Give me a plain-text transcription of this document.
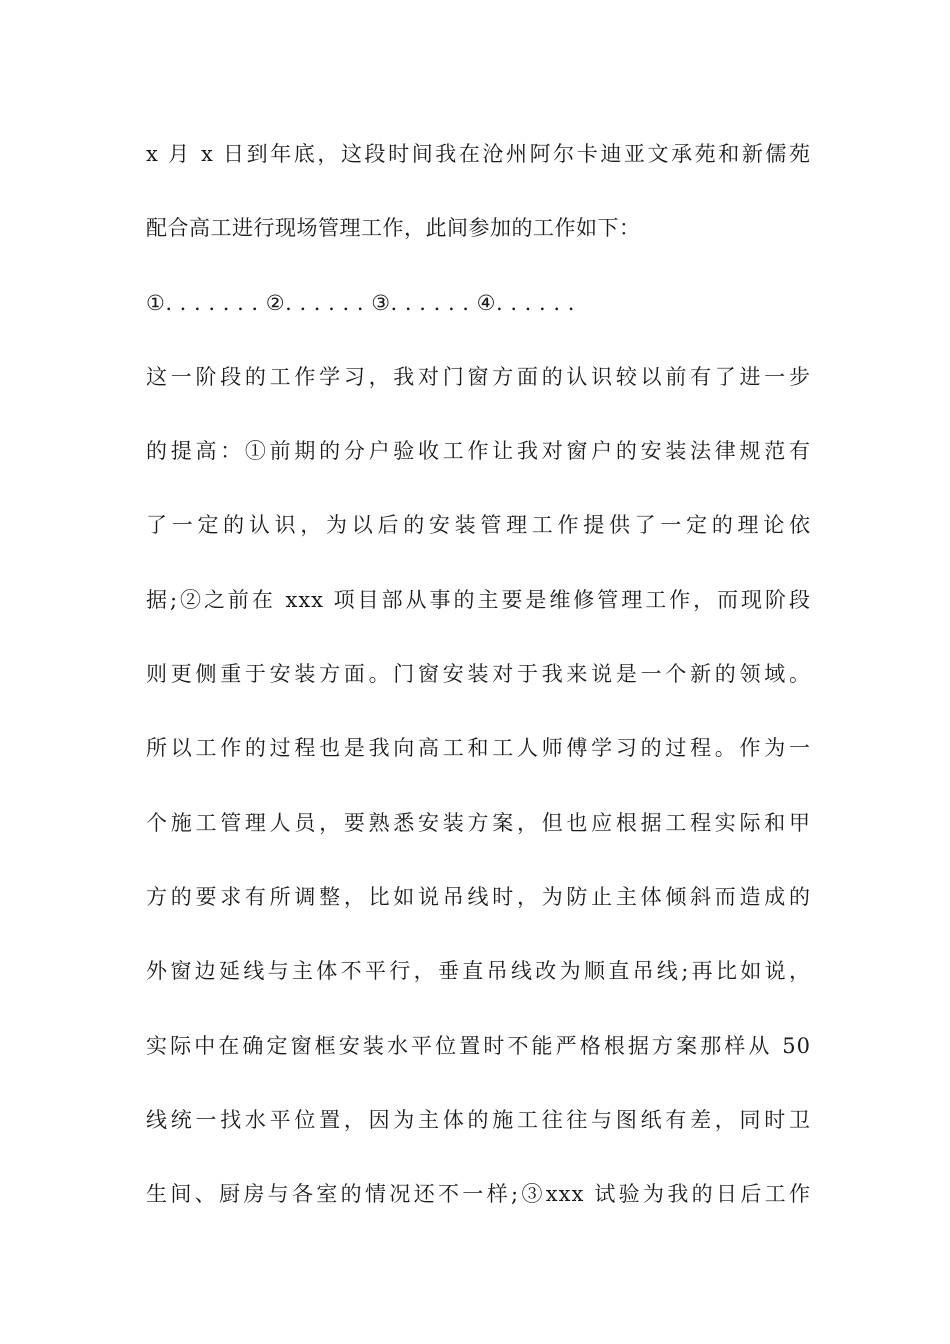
x 月 x 日到年底，这段时间我在沧州阿尔卡迪亚文承苑和新儒苑
配合高工进行现场管理工作，此间参加的工作如下：
①. . . . . . . ②. . . . . . ③. . . . . . ④. . . . . .
这一阶段的工作学习，我对门窗方面的认识较以前有了进一步
的提高：①前期的分户验收工作让我对窗户的安装法律规范有
了一定的认识，为以后的安装管理工作提供了一定的理论依
据;②之前在 xxx 项目部从事的主要是维修管理工作，而现阶段
则更侧重于安装方面。门窗安装对于我来说是一个新的领域。
所以工作的过程也是我向高工和工人师傅学习的过程。作为一
个施工管理人员，要熟悉安装方案，但也应根据工程实际和甲
方的要求有所调整，比如说吊线时，为防止主体倾斜而造成的
外窗边延线与主体不平行，垂直吊线改为顺直吊线;再比如说，
实际中在确定窗框安装水平位置时不能严格根据方案那样从 50
线统一找水平位置，因为主体的施工往往与图纸有差，同时卫
生间、厨房与各室的情况还不一样;③xxx 试验为我的日后工作
